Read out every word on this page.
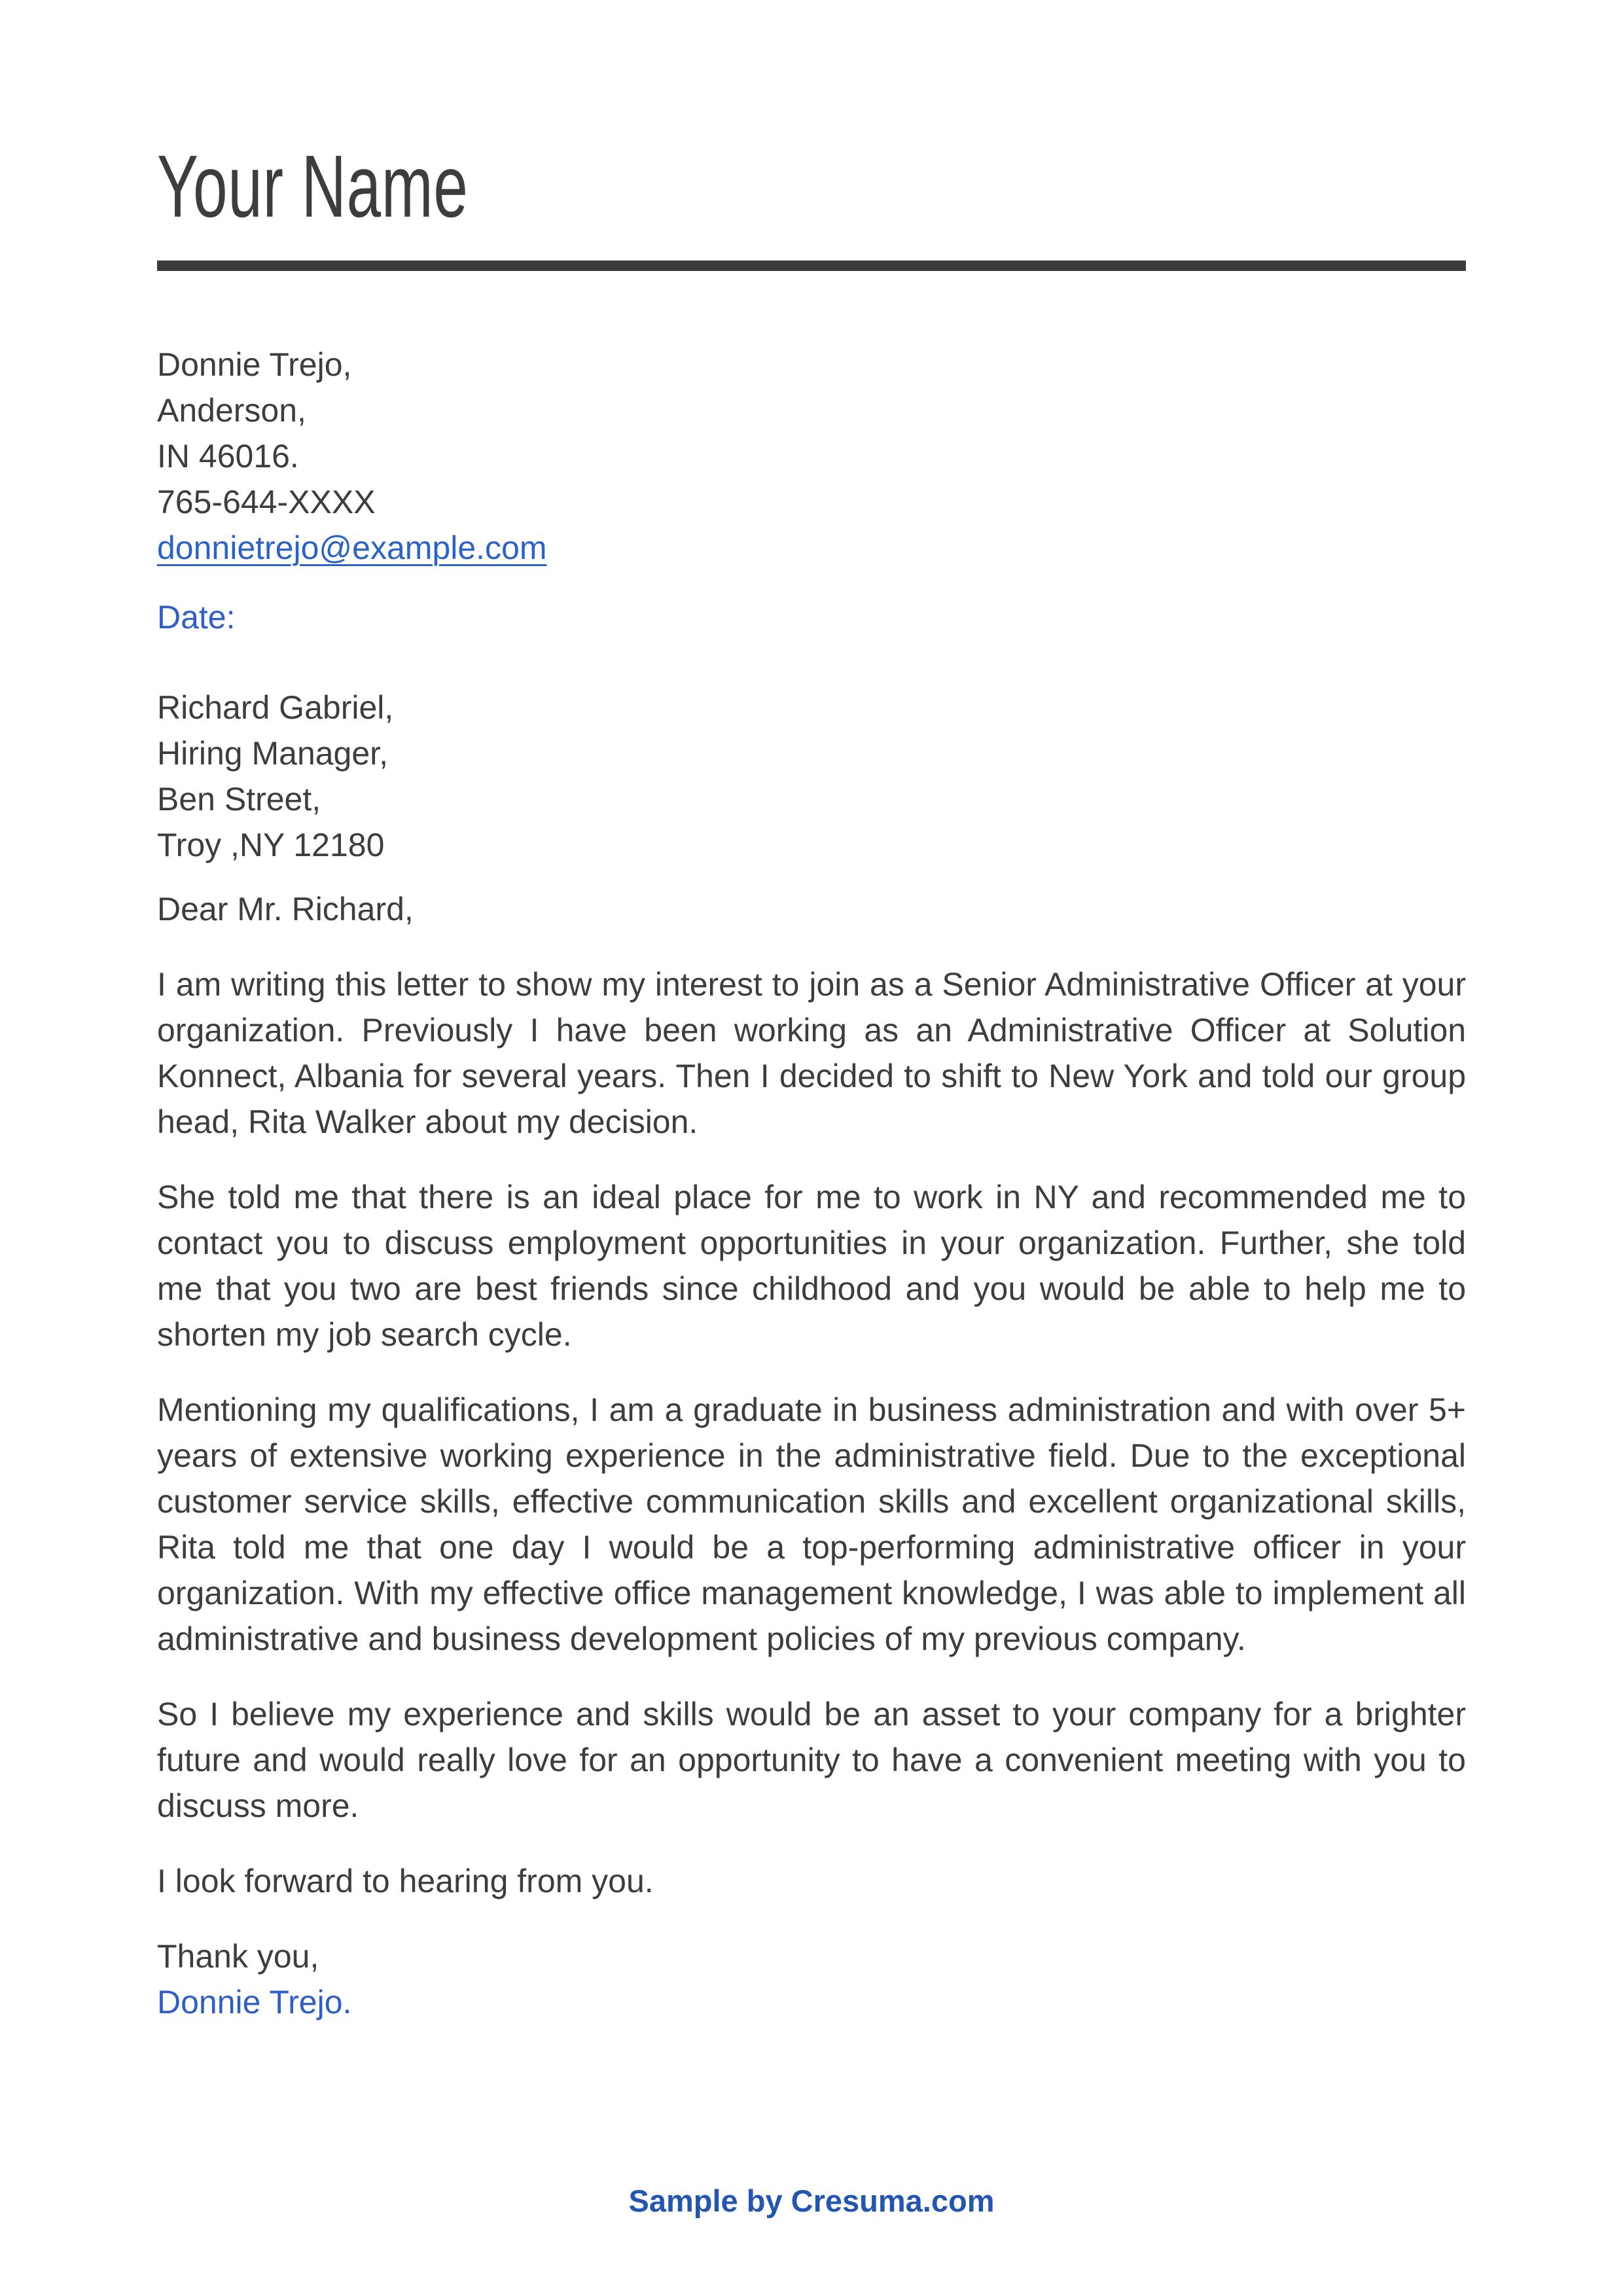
Your Name
Donnie Trejo,
Anderson,
IN 46016.
765-644-XXXX
donnietrejo@example.com
Date:
Richard Gabriel,
Hiring Manager,
Ben Street,
Troy ,NY 12180
Dear Mr. Richard,

I am writing this letter to show my interest to join as a Senior Administrative Officer at your organization. Previously I have been working as an Administrative Officer at Solution Konnect, Albania for several years. Then I decided to shift to New York and told our group head, Rita Walker about my decision.

She told me that there is an ideal place for me to work in NY and recommended me to contact you to discuss employment opportunities in your organization. Further, she told me that you two are best friends since childhood and you would be able to help me to shorten my job search cycle.

Mentioning my qualifications, I am a graduate in business administration and with over 5+ years of extensive working experience in the administrative field. Due to the exceptional customer service skills, effective communication skills and excellent organizational skills, Rita told me that one day I would be a top-performing administrative officer in your organization. With my effective office management knowledge, I was able to implement all administrative and business development policies of my previous company.

So I believe my experience and skills would be an asset to your company for a brighter future and would really love for an opportunity to have a convenient meeting with you to discuss more.

I look forward to hearing from you.

Thank you,
Donnie Trejo.
Sample by Cresuma.com
